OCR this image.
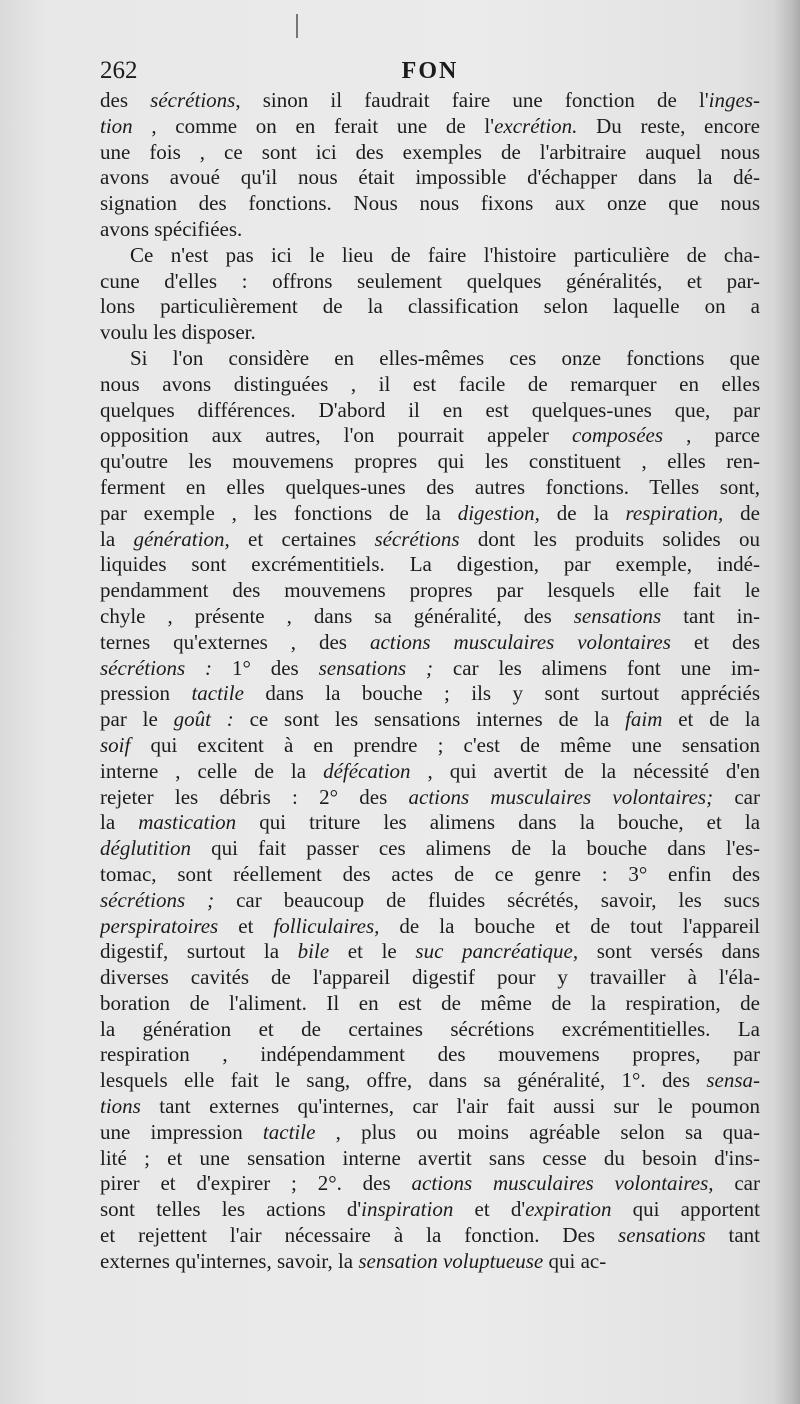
262	FON
des sécrétions, sinon il faudrait faire une fonction de l'inges-
tion , comme on en ferait une de l'excrétion. Du reste, encore
une fois , ce sont ici des exemples de l'arbitraire auquel nous
avons avoué qu'il nous était impossible d'échapper dans la dé-
signation des fonctions. Nous nous fixons aux onze que nous
avons spécifiées.
Ce n'est pas ici le lieu de faire l'histoire particulière de cha-
cune d'elles : offrons seulement quelques généralités, et par-
lons particulièrement de la classification selon laquelle on a
voulu les disposer.
Si l'on considère en elles-mêmes ces onze fonctions que
nous avons distinguées , il est facile de remarquer en elles
quelques différences. D'abord il en est quelques-unes que, par
opposition aux autres, l'on pourrait appeler composées , parce
qu'outre les mouvemens propres qui les constituent , elles ren-
ferment en elles quelques-unes des autres fonctions. Telles sont,
par exemple , les fonctions de la digestion, de la respiration, de
la génération, et certaines sécrétions dont les produits solides ou
liquides sont excrémentitiels. La digestion, par exemple, indé-
pendamment des mouvemens propres par lesquels elle fait le
chyle , présente , dans sa généralité, des sensations tant in-
ternes qu'externes , des actions musculaires volontaires et des
sécrétions : 1° des sensations ; car les alimens font une im-
pression tactile dans la bouche ; ils y sont surtout appréciés
par le goût : ce sont les sensations internes de la faim et de la
soif qui excitent à en prendre ; c'est de même une sensation
interne , celle de la défécation , qui avertit de la nécessité d'en
rejeter les débris : 2° des actions musculaires volontaires; car
la mastication qui triture les alimens dans la bouche, et la
déglutition qui fait passer ces alimens de la bouche dans l'es-
tomac, sont réellement des actes de ce genre : 3° enfin des
sécrétions ; car beaucoup de fluides sécrétés, savoir, les sucs
perspiratoires et folliculaires, de la bouche et de tout l'appareil
digestif, surtout la bile et le suc pancréatique, sont versés dans
diverses cavités de l'appareil digestif pour y travailler à l'éla-
boration de l'aliment. Il en est de même de la respiration, de
la génération et de certaines sécrétions excrémentitielles. La
respiration , indépendamment des mouvemens propres, par
lesquels elle fait le sang, offre, dans sa généralité, 1°. des sensa-
tions tant externes qu'internes, car l'air fait aussi sur le poumon
une impression tactile , plus ou moins agréable selon sa qua-
lité ; et une sensation interne avertit sans cesse du besoin d'ins-
pirer et d'expirer ; 2°. des actions musculaires volontaires, car
sont telles les actions d'inspiration et d'expiration qui apportent
et rejettent l'air nécessaire à la fonction. Des sensations tant
externes qu'internes, savoir, la sensation voluptueuse qui ac-
